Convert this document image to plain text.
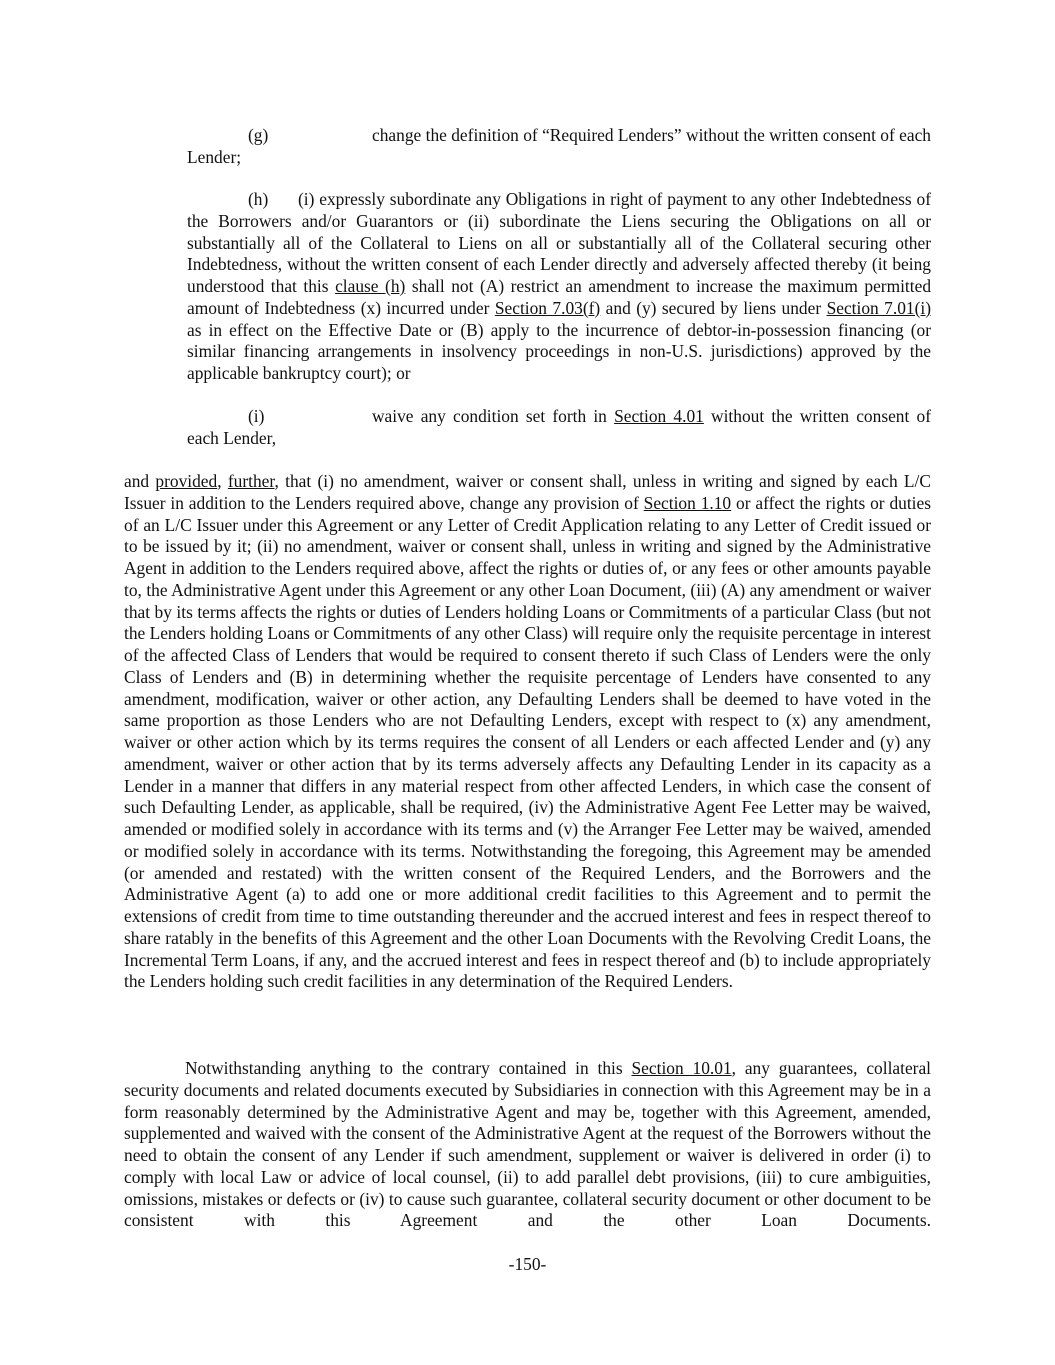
(g)	change the definition of “Required Lenders” without the written consent of each Lender;

(h) (i) expressly subordinate any Obligations in right of payment to any other Indebtedness of the Borrowers and/or Guarantors or (ii) subordinate the Liens securing the Obligations on all or substantially all of the Collateral to Liens on all or substantially all of the Collateral securing other Indebtedness, without the written consent of each Lender directly and adversely affected thereby (it being understood that this clause (h) shall not (A) restrict an amendment to increase the maximum permitted amount of Indebtedness (x) incurred under Section 7.03(f) and (y) secured by liens under Section 7.01(i) as in effect on the Effective Date or (B) apply to the incurrence of debtor-in-possession financing (or similar financing arrangements in insolvency proceedings in non-U.S. jurisdictions) approved by the applicable bankruptcy court); or

(i)	waive any condition set forth in Section 4.01 without the written consent of each Lender,

and provided, further, that (i) no amendment, waiver or consent shall, unless in writing and signed by each L/C Issuer in addition to the Lenders required above, change any provision of Section 1.10 or affect the rights or duties of an L/C Issuer under this Agreement or any Letter of Credit Application relating to any Letter of Credit issued or to be issued by it; (ii) no amendment, waiver or consent shall, unless in writing and signed by the Administrative Agent in addition to the Lenders required above, affect the rights or duties of, or any fees or other amounts payable to, the Administrative Agent under this Agreement or any other Loan Document, (iii) (A) any amendment or waiver that by its terms affects the rights or duties of Lenders holding Loans or Commitments of a particular Class (but not the Lenders holding Loans or Commitments of any other Class) will require only the requisite percentage in interest of the affected Class of Lenders that would be required to consent thereto if such Class of Lenders were the only Class of Lenders and (B) in determining whether the requisite percentage of Lenders have consented to any amendment, modification, waiver or other action, any Defaulting Lenders shall be deemed to have voted in the same proportion as those Lenders who are not Defaulting Lenders, except with respect to (x) any amendment, waiver or other action which by its terms requires the consent of all Lenders or each affected Lender and (y) any amendment, waiver or other action that by its terms adversely affects any Defaulting Lender in its capacity as a Lender in a manner that differs in any material respect from other affected Lenders, in which case the consent of such Defaulting Lender, as applicable, shall be required, (iv) the Administrative Agent Fee Letter may be waived, amended or modified solely in accordance with its terms and (v) the Arranger Fee Letter may be waived, amended or modified solely in accordance with its terms. Notwithstanding the foregoing, this Agreement may be amended (or amended and restated) with the written consent of the Required Lenders, and the Borrowers and the Administrative Agent (a) to add one or more additional credit facilities to this Agreement and to permit the extensions of credit from time to time outstanding thereunder and the accrued interest and fees in respect thereof to share ratably in the benefits of this Agreement and the other Loan Documents with the Revolving Credit Loans, the Incremental Term Loans, if any, and the accrued interest and fees in respect thereof and (b) to include appropriately the Lenders holding such credit facilities in any determination of the Required Lenders.

Notwithstanding anything to the contrary contained in this Section 10.01, any guarantees, collateral security documents and related documents executed by Subsidiaries in connection with this Agreement may be in a form reasonably determined by the Administrative Agent and may be, together with this Agreement, amended, supplemented and waived with the consent of the Administrative Agent at the request of the Borrowers without the need to obtain the consent of any Lender if such amendment, supplement or waiver is delivered in order (i) to comply with local Law or advice of local counsel, (ii) to add parallel debt provisions, (iii) to cure ambiguities, omissions, mistakes or defects or (iv) to cause such guarantee, collateral security document or other document to be consistent with this Agreement and the other Loan Documents.

-150-
